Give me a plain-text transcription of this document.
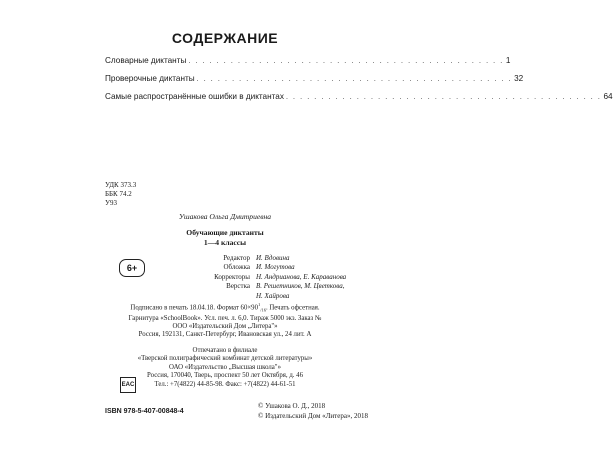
СОДЕРЖАНИЕ
Словарные диктанты . . . . . . . . . . . . . . . . . . . . . . . . . . . . . . . . . . . . . . . . . . . . . 1
Проверочные диктанты . . . . . . . . . . . . . . . . . . . . . . . . . . . . . . . . . . . . . . . . . . . . . 32
Самые распространённые ошибки в диктантах . . . . . . . . . . . . . . . . . . . . . . . . . . . . . . . . . . . . . . . . . . . . . 64
УДК 373.3
ББК 74.2
У93
Ушакова Ольга Дмитриевна
Обучающие диктанты
1—4 классы
6+
Редактор И. Вдовина
Обложка И. Могутова
Корректоры Н. Андрианова, Е. Караванова
Верстка В. Решетников, М. Цветкова,
Н. Хайрова
Подписано в печать 18.04.18. Формат $60\times 90^1_{/16}$. Печать офсетная.
Гарнитура «SchoolBook». Усл. печ. л. 6,0. Тираж 5000 экз. Заказ №
ООО «Издательский Дом „Литера"»
Россия, 192131, Санкт-Петербург, Ивановская ул., 24 лит. А
Отпечатано в филиале
«Тверской полиграфический комбинат детской литературы»
ОАО «Издательство „Высшая школа"»
Россия, 170040, Тверь, проспект 50 лет Октября, д. 46
Тел.: +7(4822) 44-85-98. Факс: +7(4822) 44-61-51
EAC
ISBN 978-5-407-00848-4
© Ушакова О. Д., 2018
© Издательский Дом «Литера», 2018
